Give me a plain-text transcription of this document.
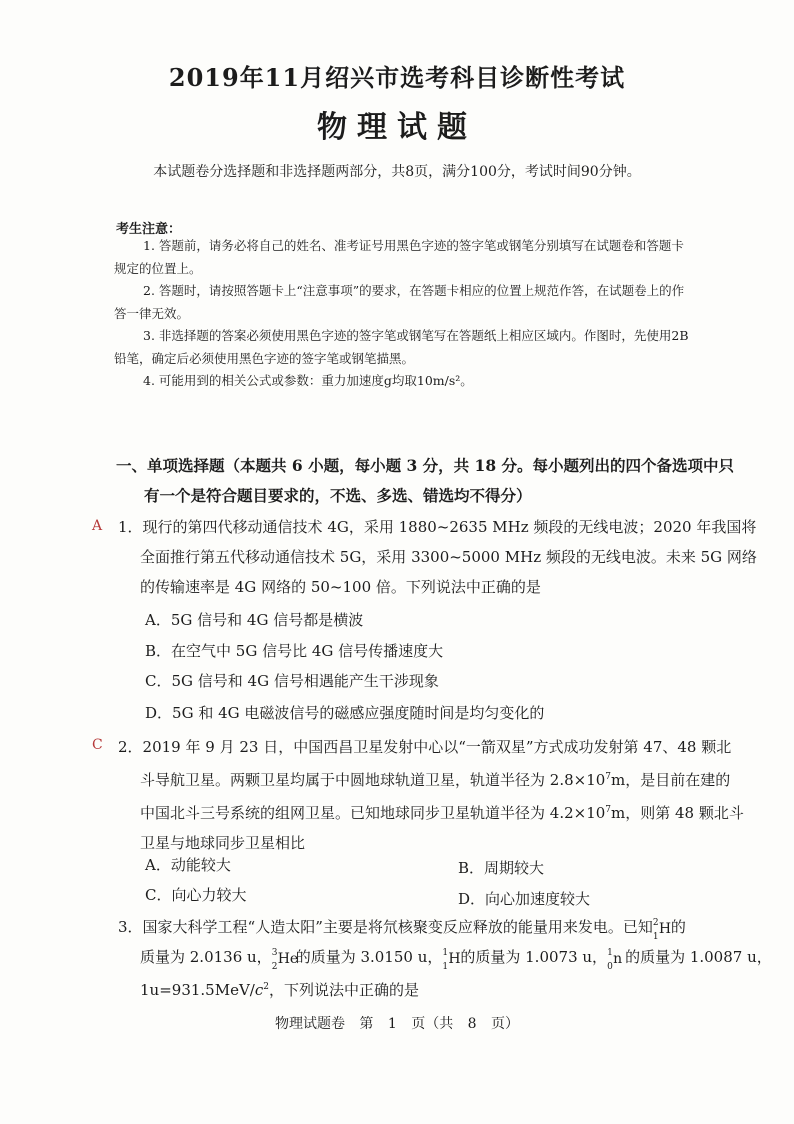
2019年11月绍兴市选考科目诊断性考试
物理试题
本试题卷分选择题和非选择题两部分，共8页，满分100分，考试时间90分钟。
考生注意：

1. 答题前，请务必将自己的姓名、准考证号用黑色字迹的签字笔或钢笔分别填写在试题卷和答题卡

规定的位置上。

2. 答题时，请按照答题卡上“注意事项”的要求，在答题卡相应的位置上规范作答，在试题卷上的作

答一律无效。

3. 非选择题的答案必须使用黑色字迹的签字笔或钢笔写在答题纸上相应区域内。作图时，先使用2B

铅笔，确定后必须使用黑色字迹的签字笔或钢笔描黑。

4. 可能用到的相关公式或参数：重力加速度g均取10m/s²。

一、单项选择题（本题共 6 小题，每小题 3 分，共 18 分。每小题列出的四个备选项中只
有一个是符合题目要求的，不选、多选、错选均不得分）
A 1．现行的第四代移动通信技术 4G，采用 1880~2635 MHz 频段的无线电波；2020 年我国将

全面推行第五代移动通信技术 5G，采用 3300~5000 MHz 频段的无线电波。未来 5G 网络

的传输速率是 4G 网络的 50~100 倍。下列说法中正确的是

A．5G 信号和 4G 信号都是横波
B．在空气中 5G 信号比 4G 信号传播速度大
C．5G 信号和 4G 信号相遇能产生干涉现象
D．5G 和 4G 电磁波信号的磁感应强度随时间是均匀变化的
C 2．2019 年 9 月 23 日，中国西昌卫星发射中心以“一箭双星”方式成功发射第 47、48 颗北

斗导航卫星。两颗卫星均属于中圆地球轨道卫星，轨道半径为 $2.8\times 10^7m$，是目前在建的

中国北斗三号系统的组网卫星。已知地球同步卫星轨道半径为 $4.2\times 10^7m$，则第 48 颗北斗

卫星与地球同步卫星相比

A．动能较大	B．周期较大
C．向心力较大	D．向心加速度较大

3．国家大科学工程“人造太阳”主要是将氘核聚变反应释放的能量用来发电。已知 2
1 H 的

质量为 2.0136 u， 3
2 He
的质量为 3.0150 u， 1
1 H 的质量为 1.0073 u， 1
0 n 的质量为 1.0087 u，

$1u=931.5MeV/c^2$，下列说法中正确的是

物理试题卷 第 1 页（共 8 页）
